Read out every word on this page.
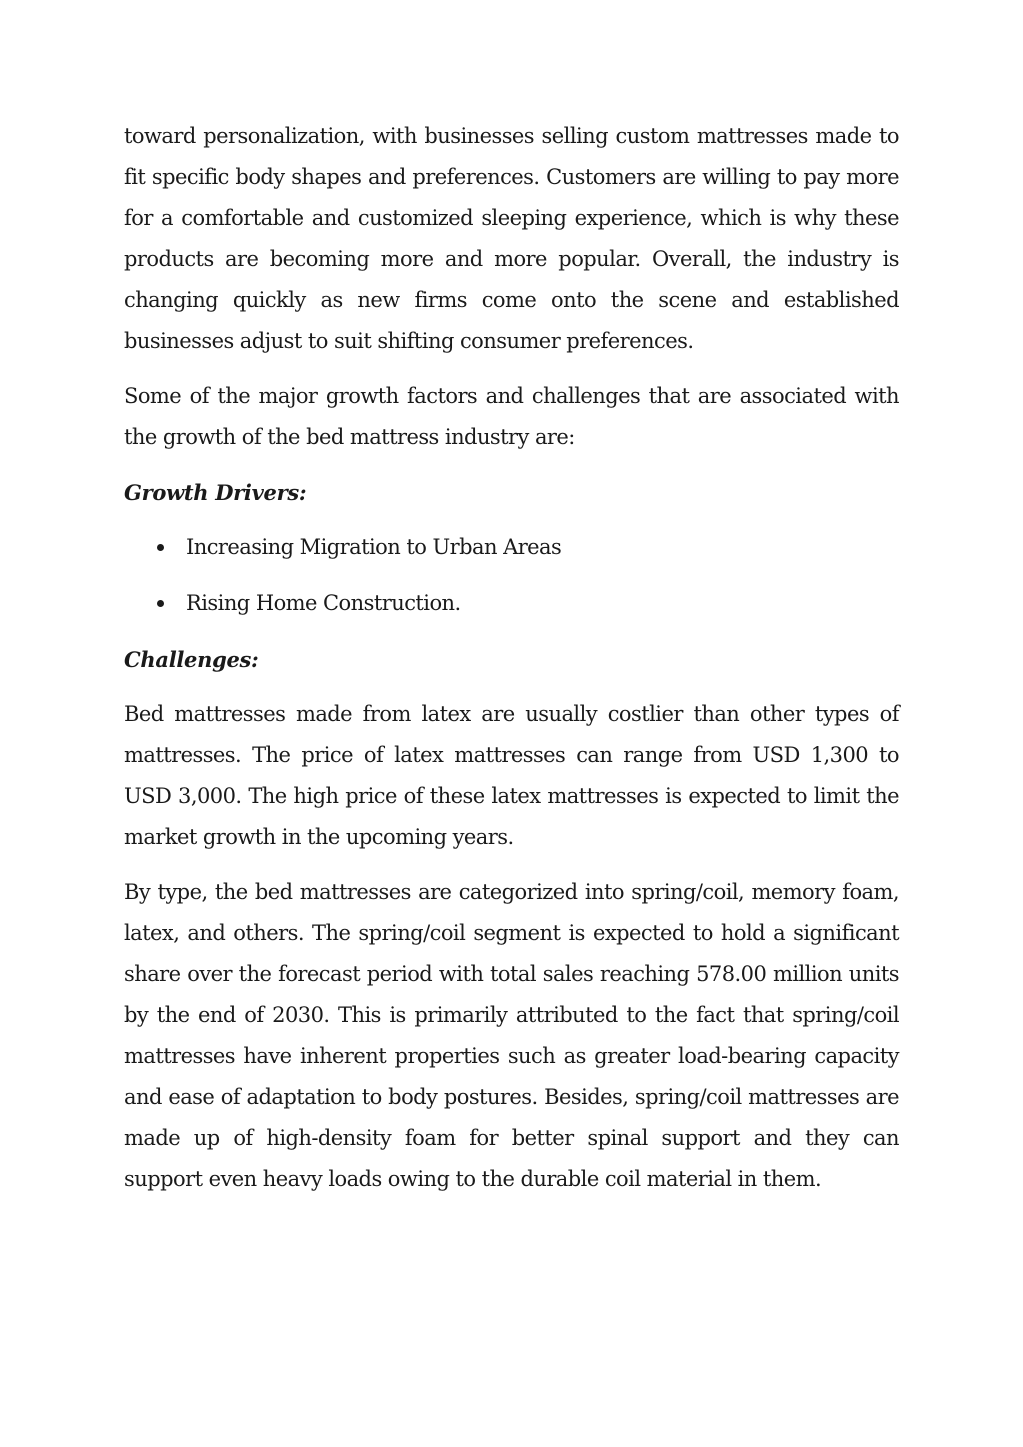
toward personalization, with businesses selling custom mattresses made to fit specific body shapes and preferences. Customers are willing to pay more for a comfortable and customized sleeping experience, which is why these products are becoming more and more popular. Overall, the industry is changing quickly as new firms come onto the scene and established businesses adjust to suit shifting consumer preferences.

Some of the major growth factors and challenges that are associated with the growth of the bed mattress industry are:

Growth Drivers:
Increasing Migration to Urban Areas
Rising Home Construction.
Challenges:

Bed mattresses made from latex are usually costlier than other types of mattresses. The price of latex mattresses can range from USD 1,300 to USD 3,000. The high price of these latex mattresses is expected to limit the market growth in the upcoming years.

By type, the bed mattresses are categorized into spring/coil, memory foam, latex, and others. The spring/coil segment is expected to hold a significant share over the forecast period with total sales reaching 578.00 million units by the end of 2030. This is primarily attributed to the fact that spring/coil mattresses have inherent properties such as greater load-bearing capacity and ease of adaptation to body postures. Besides, spring/coil mattresses are made up of high-density foam for better spinal support and they can support even heavy loads owing to the durable coil material in them.
